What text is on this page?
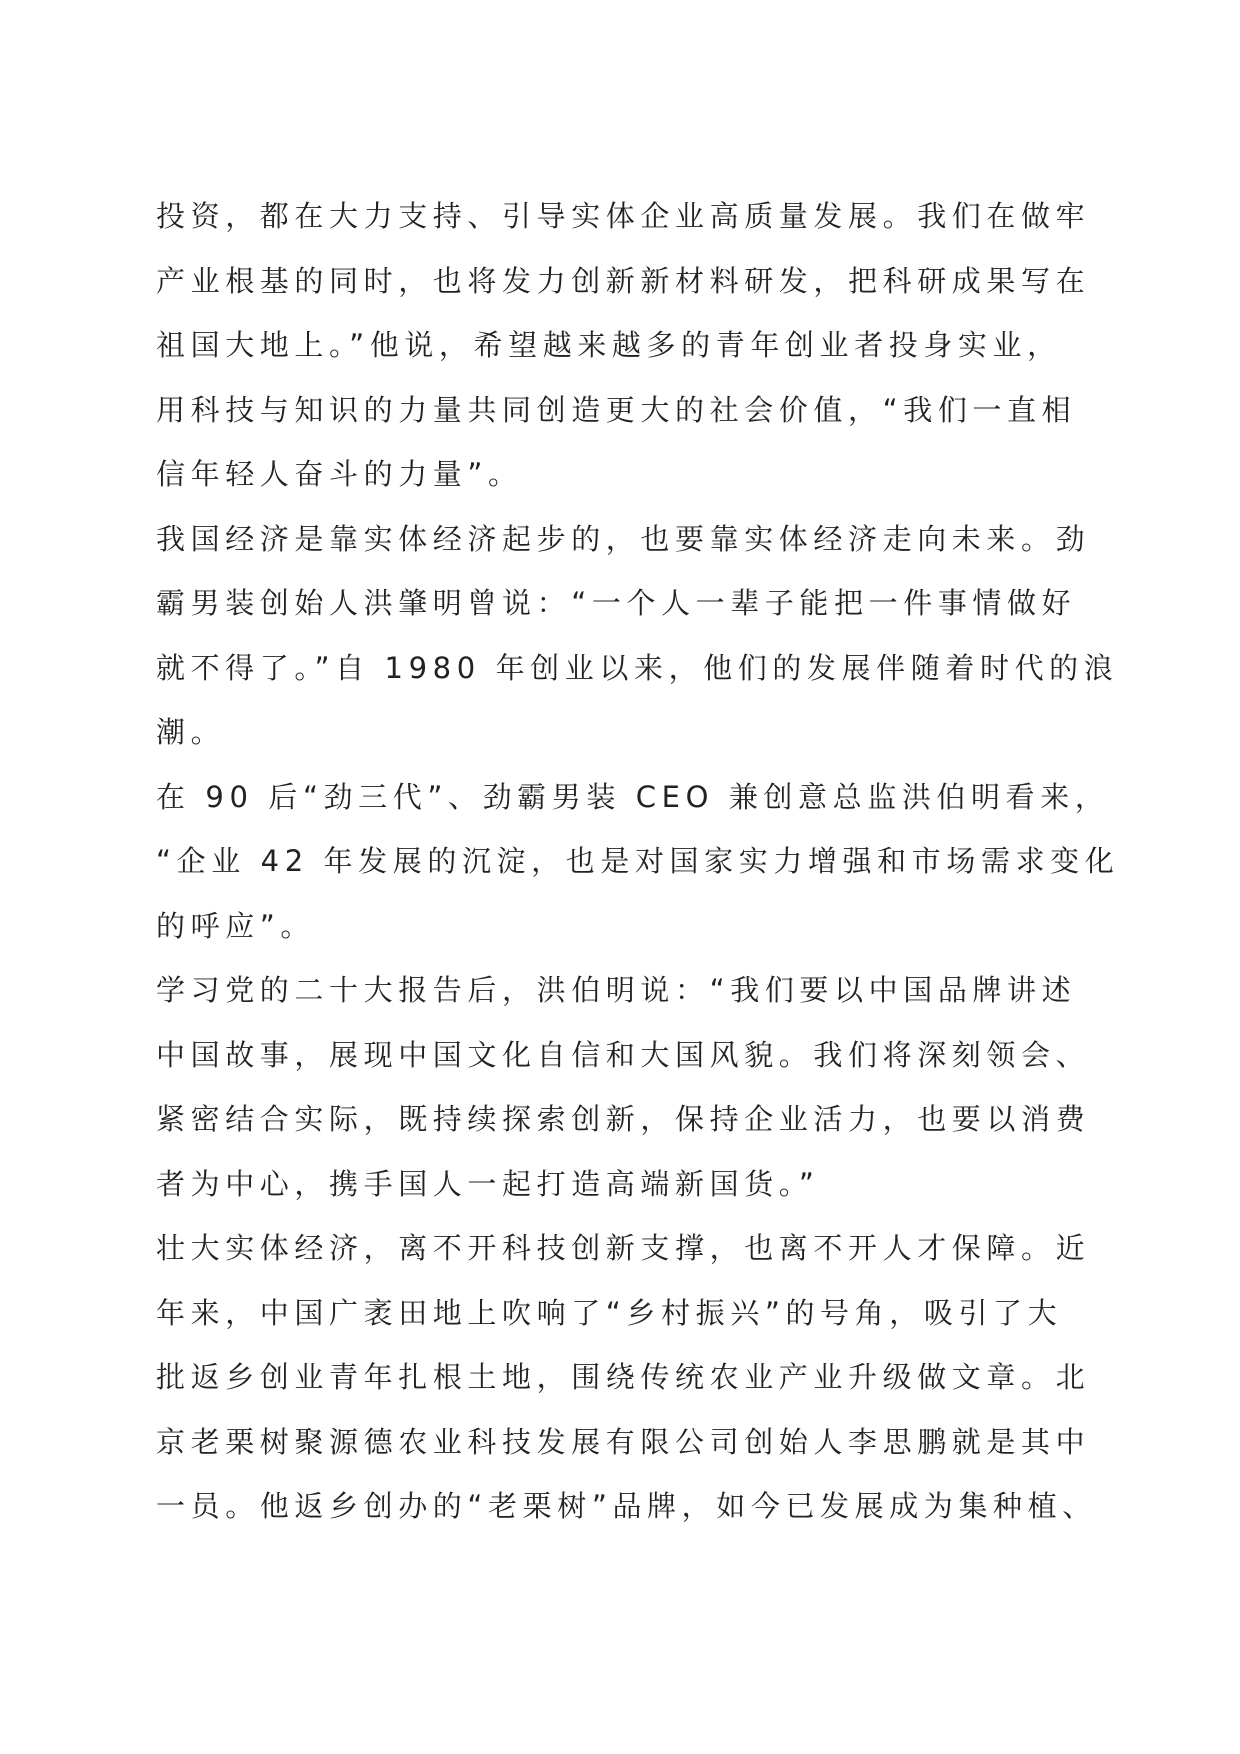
投资，都在大力支持、引导实体企业高质量发展。我们在做牢
产业根基的同时，也将发力创新新材料研发，把科研成果写在
祖国大地上。”他说，希望越来越多的青年创业者投身实业，
用科技与知识的力量共同创造更大的社会价值，“我们一直相
信年轻人奋斗的力量”。
我国经济是靠实体经济起步的，也要靠实体经济走向未来。劲
霸男装创始人洪肇明曾说：“一个人一辈子能把一件事情做好
就不得了。”自 1980 年创业以来，他们的发展伴随着时代的浪
潮。
在 90 后“劲三代”、劲霸男装 CEO 兼创意总监洪伯明看来，
“企业 42 年发展的沉淀，也是对国家实力增强和市场需求变化
的呼应”。
学习党的二十大报告后，洪伯明说：“我们要以中国品牌讲述
中国故事，展现中国文化自信和大国风貌。我们将深刻领会、
紧密结合实际，既持续探索创新，保持企业活力，也要以消费
者为中心，携手国人一起打造高端新国货。”
壮大实体经济，离不开科技创新支撑，也离不开人才保障。近
年来，中国广袤田地上吹响了“乡村振兴”的号角，吸引了大
批返乡创业青年扎根土地，围绕传统农业产业升级做文章。北
京老栗树聚源德农业科技发展有限公司创始人李思鹏就是其中
一员。他返乡创办的“老栗树”品牌，如今已发展成为集种植、
